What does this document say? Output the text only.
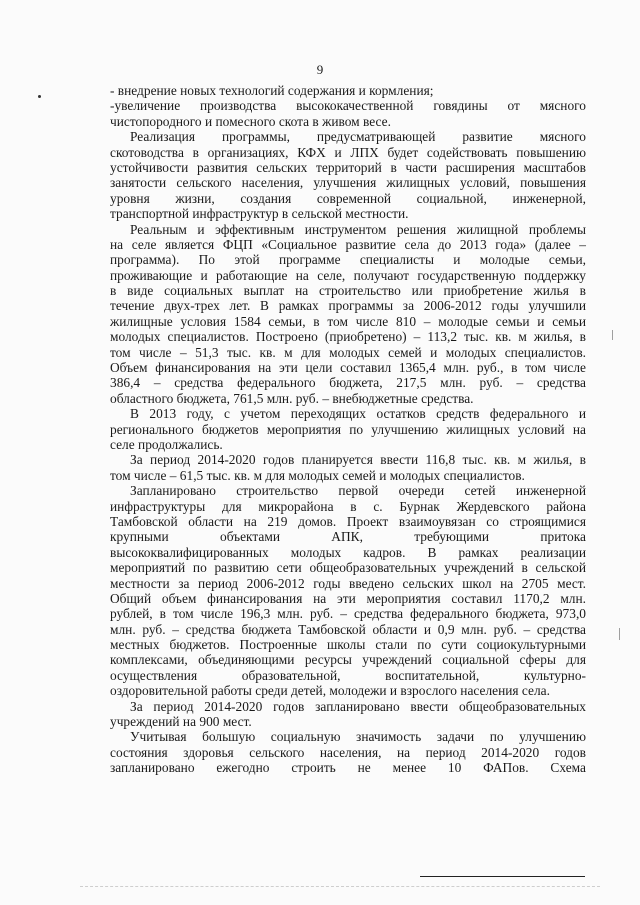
9
- внедрение новых технологий содержания и кормления;
-увеличение производства высококачественной говядины от мясного
чистопородного и помесного скота в живом весе.
Реализация программы, предусматривающей развитие мясного
скотоводства в организациях, КФХ и ЛПХ будет содействовать повышению
устойчивости развития сельских территорий в части расширения масштабов
занятости сельского населения, улучшения жилищных условий, повышения
уровня жизни, создания современной социальной, инженерной,
транспортной инфраструктур в сельской местности.
Реальным и эффективным инструментом решения жилищной проблемы
на селе является ФЦП «Социальное развитие села до 2013 года» (далее –
программа). По этой программе специалисты и молодые семьи,
проживающие и работающие на селе, получают государственную поддержку
в виде социальных выплат на строительство или приобретение жилья в
течение двух-трех лет. В рамках программы за 2006-2012 годы улучшили
жилищные условия 1584 семьи, в том числе 810 – молодые семьи и семьи
молодых специалистов. Построено (приобретено) – 113,2 тыс. кв. м жилья, в
том числе – 51,3 тыс. кв. м для молодых семей и молодых специалистов.
Объем финансирования на эти цели составил 1365,4 млн. руб., в том числе
386,4 – средства федерального бюджета, 217,5 млн. руб. – средства
областного бюджета, 761,5 млн. руб. – внебюджетные средства.
В 2013 году, с учетом переходящих остатков средств федерального и
регионального бюджетов мероприятия по улучшению жилищных условий на
селе продолжались.
За период 2014-2020 годов планируется ввести 116,8 тыс. кв. м жилья, в
том числе – 61,5 тыс. кв. м для молодых семей и молодых специалистов.
Запланировано строительство первой очереди сетей инженерной
инфраструктуры для микрорайона в с. Бурнак Жердевского района
Тамбовской области на 219 домов. Проект взаимоувязан со строящимися
крупными объектами АПК, требующими притока
высококвалифицированных молодых кадров. В рамках реализации
мероприятий по развитию сети общеобразовательных учреждений в сельской
местности за период 2006-2012 годы введено сельских школ на 2705 мест.
Общий объем финансирования на эти мероприятия составил 1170,2 млн.
рублей, в том числе 196,3 млн. руб. – средства федерального бюджета, 973,0
млн. руб. – средства бюджета Тамбовской области и 0,9 млн. руб. – средства
местных бюджетов. Построенные школы стали по сути социокультурными
комплексами, объединяющими ресурсы учреждений социальной сферы для
осуществления образовательной, воспитательной, культурно-
оздоровительной работы среди детей, молодежи и взрослого населения села.
За период 2014-2020 годов запланировано ввести общеобразовательных
учреждений на 900 мест.
Учитывая большую социальную значимость задачи по улучшению
состояния здоровья сельского населения, на период 2014-2020 годов
запланировано ежегодно строить не менее 10 ФАПов. Схема
